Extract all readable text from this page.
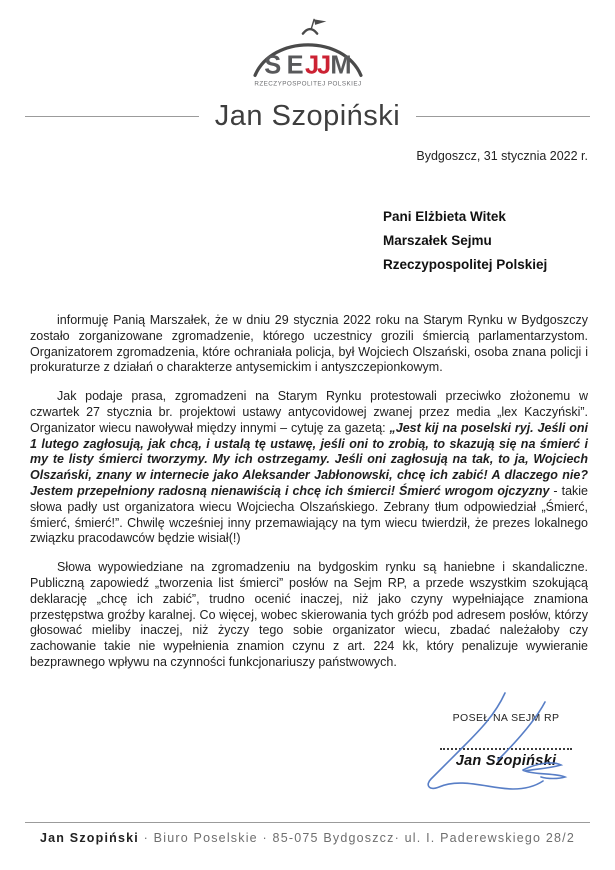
S E JJ M
RZECZYPOSPOLITEJ POLSKIEJ
Jan Szopiński
Bydgoszcz, 31 stycznia 2022 r.
Pani Elżbieta Witek
Marszałek Sejmu
Rzeczypospolitej Polskiej

informuję Panią Marszałek, że w dniu 29 stycznia 2022 roku na Starym Rynku w Bydgoszczy zostało zorganizowane zgromadzenie, którego uczestnicy grozili śmiercią parlamentarzystom. Organizatorem zgromadzenia, które ochraniała policja, był Wojciech Olszański, osoba znana policji i prokuraturze z działań o charakterze antysemickim i antyszczepionkowym.

Jak podaje prasa, zgromadzeni na Starym Rynku protestowali przeciwko złożonemu w czwartek 27 stycznia br. projektowi ustawy antycovidowej zwanej przez media „lex Kaczyński”. Organizator wiecu nawoływał między innymi – cytuję za gazetą: „Jest kij na poselski ryj. Jeśli oni 1 lutego zagłosują, jak chcą, i ustalą tę ustawę, jeśli oni to zrobią, to skazują się na śmierć i my te listy śmierci tworzymy. My ich ostrzegamy. Jeśli oni zagłosują na tak, to ja, Wojciech Olszański, znany w internecie jako Aleksander Jabłonowski, chcę ich zabić! A dlaczego nie? Jestem przepełniony radosną nienawiścią i chcę ich śmierci! Śmierć wrogom ojczyzny - takie słowa padły ust organizatora wiecu Wojciecha Olszańskiego. Zebrany tłum odpowiedział „Śmierć, śmierć, śmierć!”. Chwilę wcześniej inny przemawiający na tym wiecu twierdził, że prezes lokalnego związku pracodawców będzie wisiał(!)

Słowa wypowiedziane na zgromadzeniu na bydgoskim rynku są haniebne i skandaliczne. Publiczną zapowiedź „tworzenia list śmierci” posłów na Sejm RP, a przede wszystkim szokującą deklarację „chcę ich zabić”, trudno ocenić inaczej, niż jako czyny wypełniające znamiona przestępstwa groźby karalnej. Co więcej, wobec skierowania tych gróźb pod adresem posłów, którzy głosować mieliby inaczej, niż życzy tego sobie organizator wiecu, zbadać należałoby czy zachowanie takie nie wypełnienia znamion czynu z art. 224 kk, który penalizuje wywieranie bezprawnego wpływu na czynności funkcjonariuszy państwowych.

POSEŁ NA SEJM RP
Jan Szopiński
Jan Szopiński · Biuro Poselskie · 85-075 Bydgoszcz· ul. I. Paderewskiego 28/2
